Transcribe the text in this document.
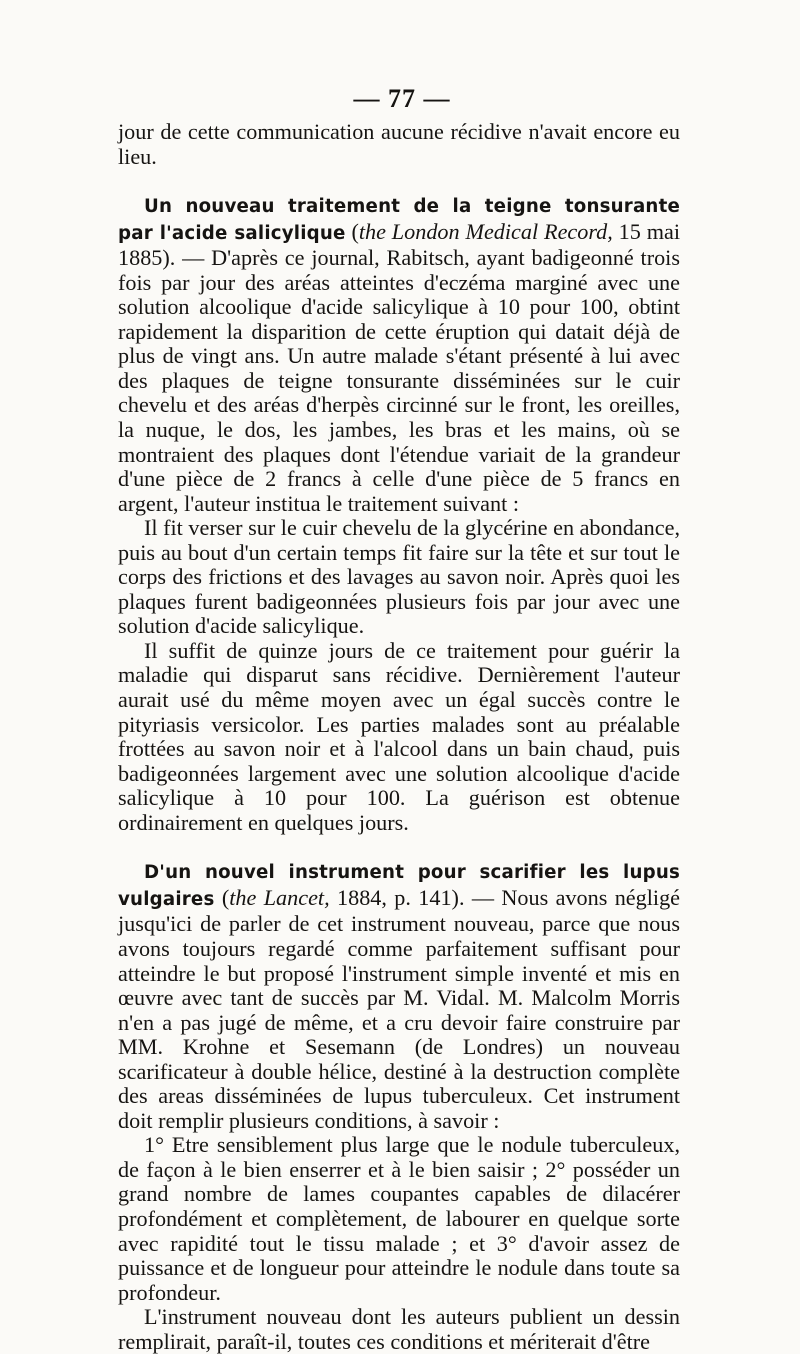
— 77 —

jour de cette communication aucune récidive n'avait encore eu lieu.

Un nouveau traitement de la teigne tonsurante par l'acide salicylique (the London Medical Record, 15 mai 1885). — D'après ce journal, Rabitsch, ayant badigeonné trois fois par jour des aréas atteintes d'eczéma marginé avec une solution alcoolique d'acide salicylique à 10 pour 100, obtint rapidement la disparition de cette éruption qui datait déjà de plus de vingt ans. Un autre malade s'étant présenté à lui avec des plaques de teigne tonsurante disséminées sur le cuir chevelu et des aréas d'herpès circinné sur le front, les oreilles, la nuque, le dos, les jambes, les bras et les mains, où se montraient des plaques dont l'étendue variait de la grandeur d'une pièce de 2 francs à celle d'une pièce de 5 francs en argent, l'auteur institua le traitement suivant :

Il fit verser sur le cuir chevelu de la glycérine en abondance, puis au bout d'un certain temps fit faire sur la tête et sur tout le corps des frictions et des lavages au savon noir. Après quoi les plaques furent badigeonnées plusieurs fois par jour avec une solution d'acide salicylique.

Il suffit de quinze jours de ce traitement pour guérir la maladie qui disparut sans récidive. Dernièrement l'auteur aurait usé du même moyen avec un égal succès contre le pityriasis versicolor. Les parties malades sont au préalable frottées au savon noir et à l'alcool dans un bain chaud, puis badigeonnées largement avec une solution alcoolique d'acide salicylique à 10 pour 100. La guérison est obtenue ordinairement en quelques jours.

D'un nouvel instrument pour scarifier les lupus vulgaires (the Lancet, 1884, p. 141). — Nous avons négligé jusqu'ici de parler de cet instrument nouveau, parce que nous avons toujours regardé comme parfaitement suffisant pour atteindre le but proposé l'instrument simple inventé et mis en œuvre avec tant de succès par M. Vidal. M. Malcolm Morris n'en a pas jugé de même, et a cru devoir faire construire par MM. Krohne et Sesemann (de Londres) un nouveau scarificateur à double hélice, destiné à la destruction complète des areas disséminées de lupus tuberculeux. Cet instrument doit remplir plusieurs conditions, à savoir :

1° Etre sensiblement plus large que le nodule tuberculeux, de façon à le bien enserrer et à le bien saisir ; 2° posséder un grand nombre de lames coupantes capables de dilacérer profondément et complètement, de labourer en quelque sorte avec rapidité tout le tissu malade ; et 3° d'avoir assez de puissance et de longueur pour atteindre le nodule dans toute sa profondeur.

L'instrument nouveau dont les auteurs publient un dessin remplirait, paraît-il, toutes ces conditions et mériterait d'être
